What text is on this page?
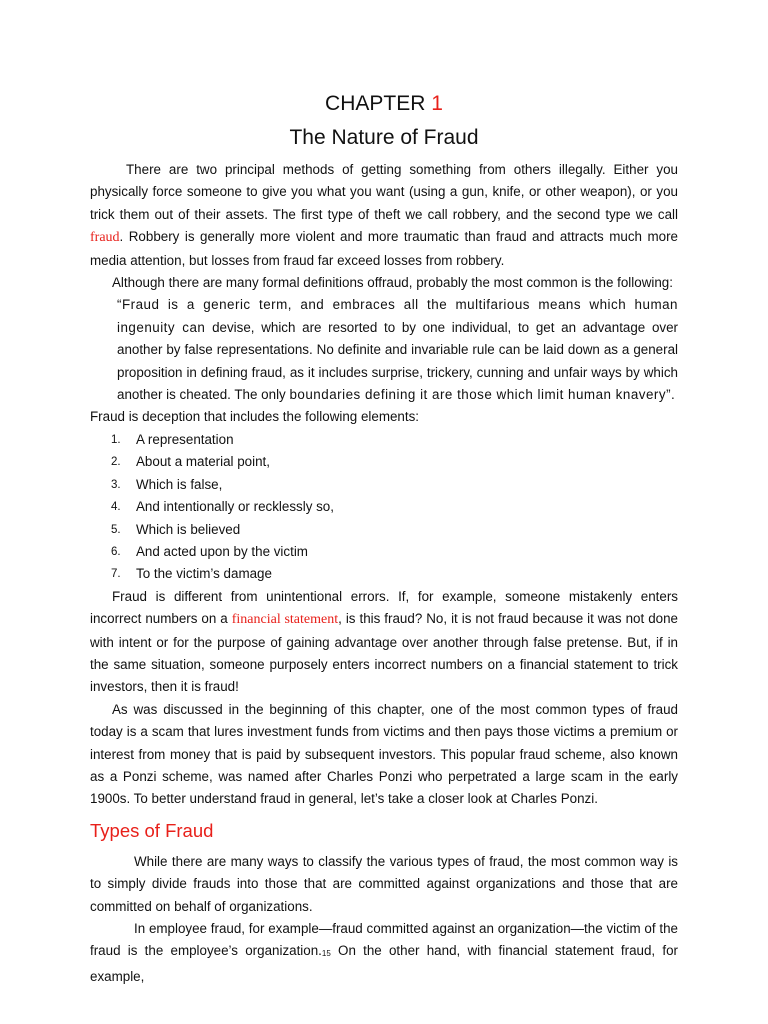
CHAPTER 1
The Nature of Fraud

There are two principal methods of getting something from others illegally. Either you physically force someone to give you what you want (using a gun, knife, or other weapon), or you trick them out of their assets. The first type of theft we call robbery, and the second type we call fraud. Robbery is generally more violent and more traumatic than fraud and attracts much more media attention, but losses from fraud far exceed losses from robbery.

Although there are many formal definitions offraud, probably the most common is the following:

“Fraud is a generic term, and embraces all the multifarious means which human ingenuity can devise, which are resorted to by one individual, to get an advantage over another by false representations. No definite and invariable rule can be laid down as a general proposition in defining fraud, as it includes surprise, trickery, cunning and unfair ways by which another is cheated. The only boundaries defining it are those which limit human knavery”.

Fraud is deception that includes the following elements:

1. A representation
2. About a material point,
3. Which is false,
4. And intentionally or recklessly so,
5. Which is believed
6. And acted upon by the victim
7. To the victim’s damage

Fraud is different from unintentional errors. If, for example, someone mistakenly enters incorrect numbers on a financial statement, is this fraud? No, it is not fraud because it was not done with intent or for the purpose of gaining advantage over another through false pretense. But, if in the same situation, someone purposely enters incorrect numbers on a financial statement to trick investors, then it is fraud!

As was discussed in the beginning of this chapter, one of the most common types of fraud today is a scam that lures investment funds from victims and then pays those victims a premium or interest from money that is paid by subsequent investors. This popular fraud scheme, also known as a Ponzi scheme, was named after Charles Ponzi who perpetrated a large scam in the early 1900s. To better understand fraud in general, let’s take a closer look at Charles Ponzi.

Types of Fraud

While there are many ways to classify the various types of fraud, the most common way is to simply divide frauds into those that are committed against organizations and those that are committed on behalf of organizations.

In employee fraud, for example—fraud committed against an organization—the victim of the fraud is the employee’s $organization._{15}$ On the other hand, with financial statement fraud, for example,
